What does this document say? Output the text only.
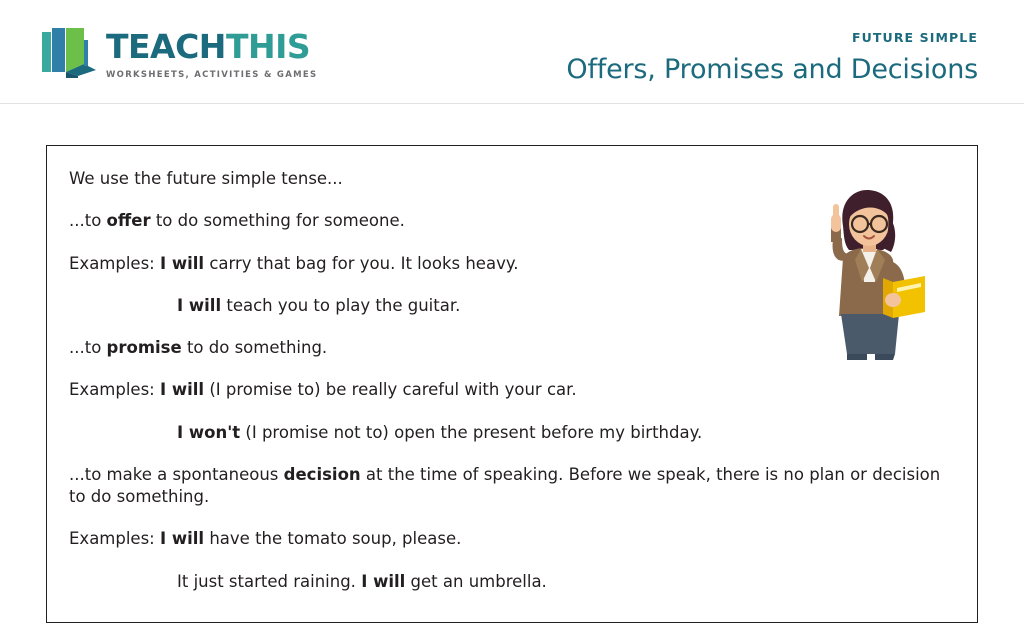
TEACHTHIS
WORKSHEETS, ACTIVITIES & GAMES
FUTURE SIMPLE
Offers, Promises and Decisions

We use the future simple tense...

...to offer to do something for someone.

Examples: I will carry that bag for you. It looks heavy.

I will teach you to play the guitar.

...to promise to do something.

Examples: I will (I promise to) be really careful with your car.

I won't (I promise not to) open the present before my birthday.

...to make a spontaneous decision at the time of speaking. Before we speak, there is no plan or decision to do something.

Examples: I will have the tomato soup, please.

It just started raining. I will get an umbrella.
